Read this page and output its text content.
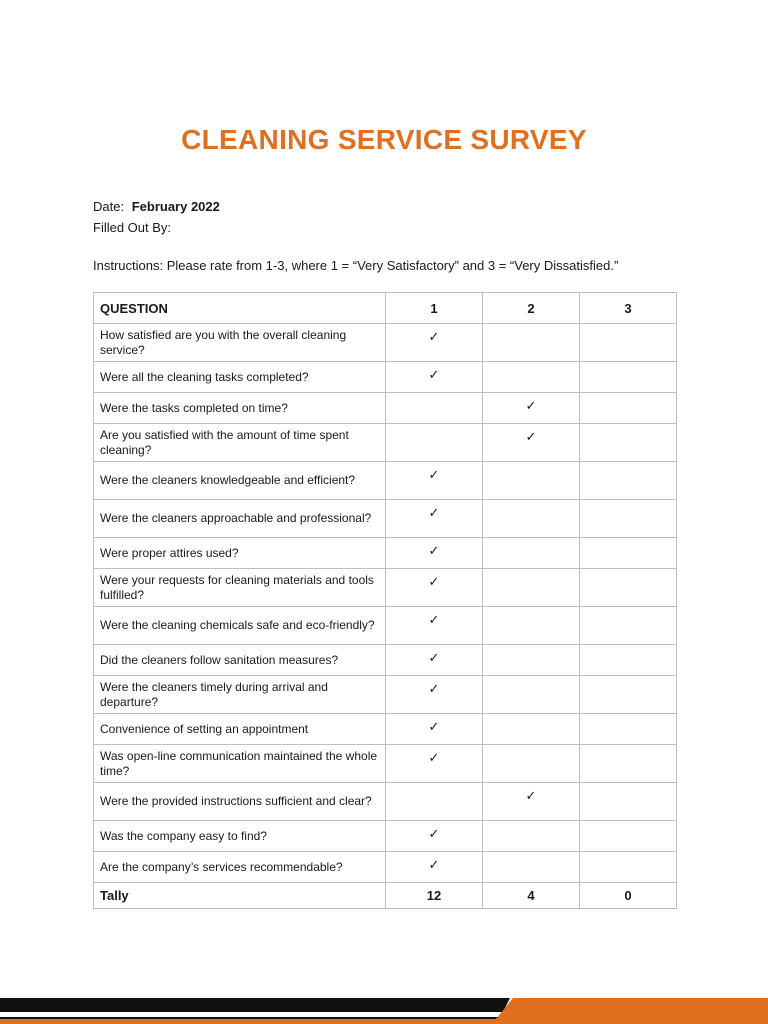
CLEANING SERVICE SURVEY
Date: February 2022
Filled Out By:
Instructions: Please rate from 1-3, where 1 = “Very Satisfactory” and 3 = “Very Dissatisfied.”
QUESTION	1	2	3
How satisfied are you with the overall cleaning service?	✓		
Were all the cleaning tasks completed?	✓		
Were the tasks completed on time?		✓	
Are you satisfied with the amount of time spent cleaning?		✓	
Were the cleaners knowledgeable and efficient?	✓		
Were the cleaners approachable and professional?	✓		
Were proper attires used?	✓		
Were your requests for cleaning materials and tools fulfilled?	✓		
Were the cleaning chemicals safe and eco-friendly?	✓		
Did the cleaners follow sanitation measures?	✓		
Were the cleaners timely during arrival and departure?	✓		
Convenience of setting an appointment	✓		
Was open-line communication maintained the whole time?	✓		
Were the provided instructions sufficient and clear?		✓	
Was the company easy to find?	✓		
Are the company’s services recommendable?	✓		
Tally	12	4	0
